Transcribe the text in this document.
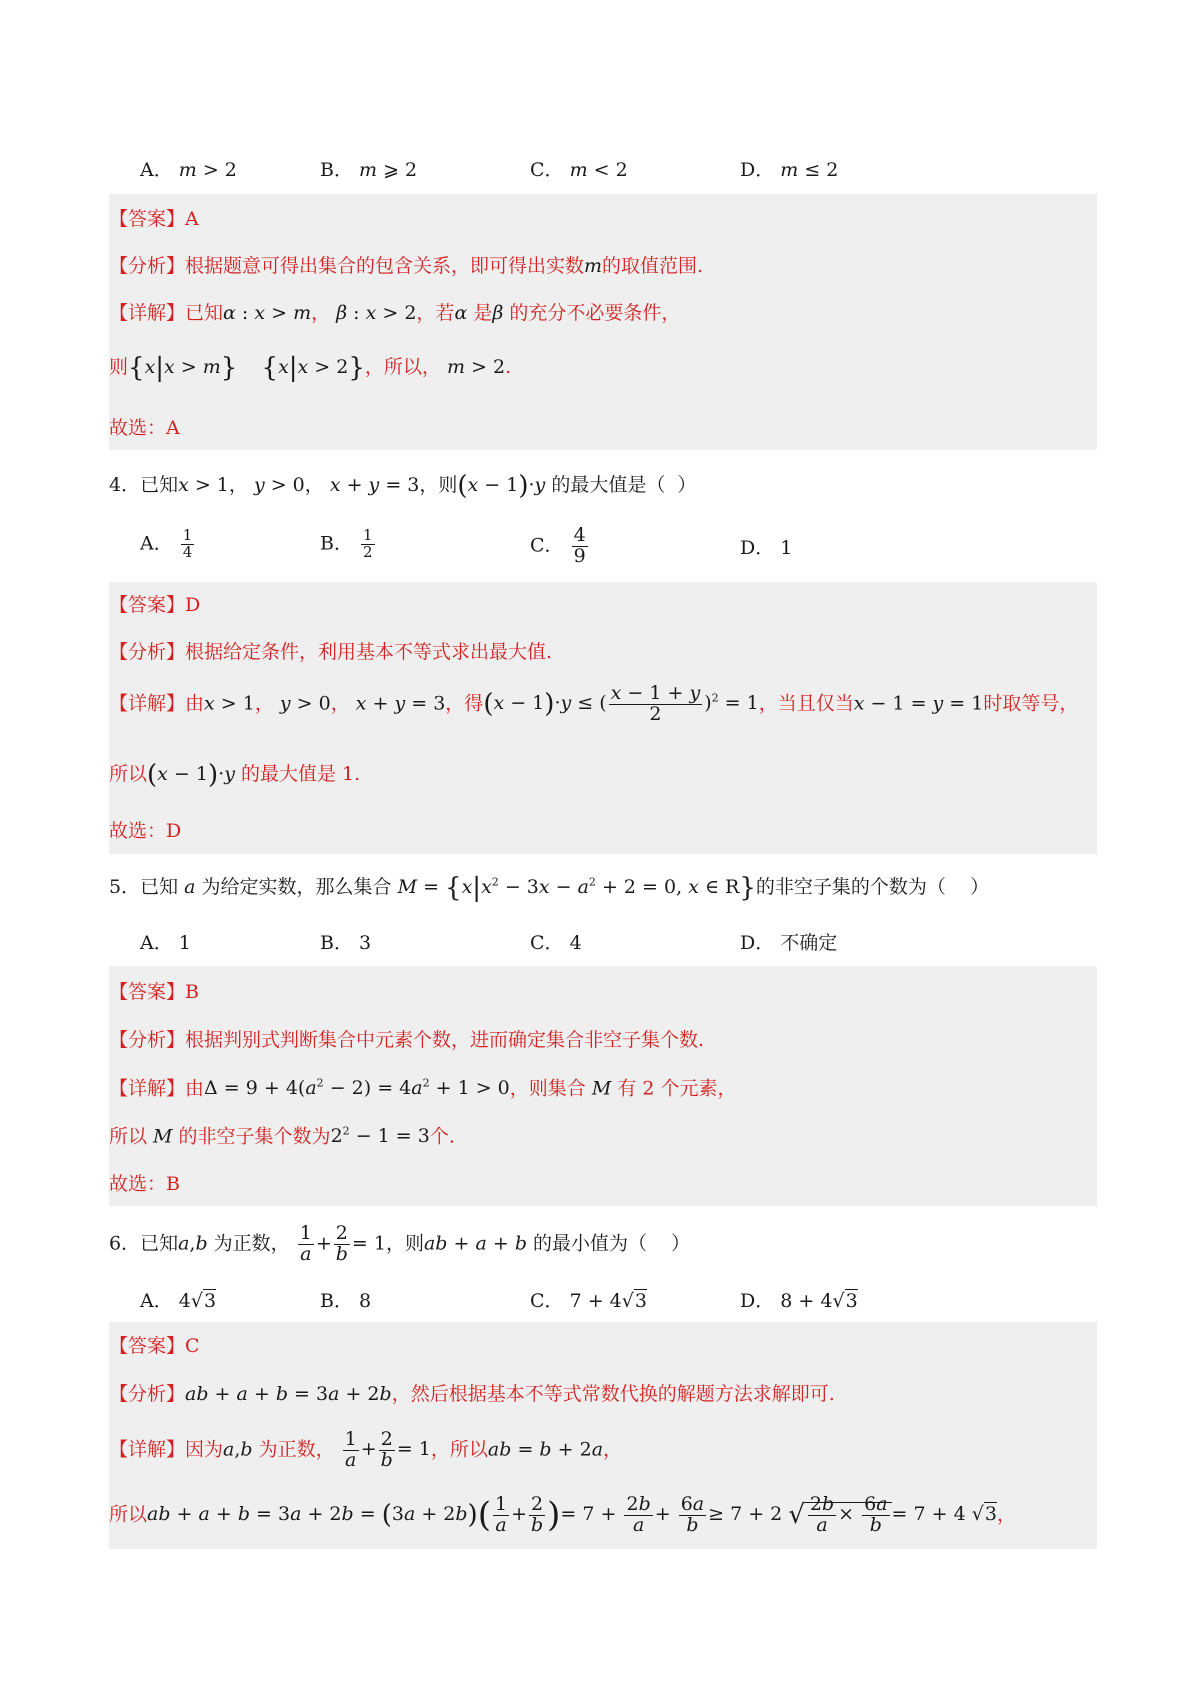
A． m > 2	B． m ⩾ 2	C． m < 2	D． m ≤ 2
【答案】A
【分析】根据题意可得出集合的包含关系，即可得出实数m的取值范围.
【详解】已知α : x > m， β : x > 2，若α 是β 的充分不必要条件，
则{x|x > m} {x|x > 2}，所以， m > 2.
故选：A
4．已知x > 1， y > 0， x + y = 3，则(x − 1)·y 的最大值是（  ）
A． $\frac{1}{4}$	B． $\frac{1}{2}$	C． $\frac{4}{9}$	D． 1
【答案】D
【分析】根据给定条件，利用基本不等式求出最大值.
【详解】由x > 1， y > 0， x + y = 3，得(x − 1)·y ≤ ( $\frac{x - 1 + y}{2} )^2 = 1$，当且仅当x − 1 = y = 1时取等号，
所以(x − 1)·y 的最大值是 1.
故选：D
5．已知 a 为给定实数，那么集合 $M = \{x|x^2 - 3x - a^2 + 2 = 0$, x ∈ R}的非空子集的个数为（    ）
A． 1	B． 3	C． 4	D． 不确定
【答案】B
【分析】根据判别式判断集合中元素个数，进而确定集合非空子集个数.
【详解】由$\Delta = 9 + 4(a^2 - 2) = 4a^2 + 1 > 0$，则集合 M 有 2 个元素，
所以 M 的非空子集个数为$2^2 - 1 = 3$个.
故选：B
6．已知a,b 为正数， $\frac{1}{a} + \frac{2}{b} = 1$，则ab + a + b 的最小值为（    ）
A． 4√3	B． 8	C． 7 + 4√3	D． 8 + 4√3
【答案】C
【分析】ab + a + b = 3a + 2b，然后根据基本不等式常数代换的解题方法求解即可.
【详解】因为a,b 为正数， $\frac{1}{a} + \frac{2}{b} = 1$，所以ab = b + 2a，
所以ab + $a + b = 3a + 2b = (3a + 2b)( \frac{1}{a} + \frac{2}{b}$ )= $7 + \frac{2b}{a} + \frac{6a}{b} \ge 7 + 2$ √ $\frac{2b}{a} \times \frac{6a}{b} = 7 + 4$ √3，
